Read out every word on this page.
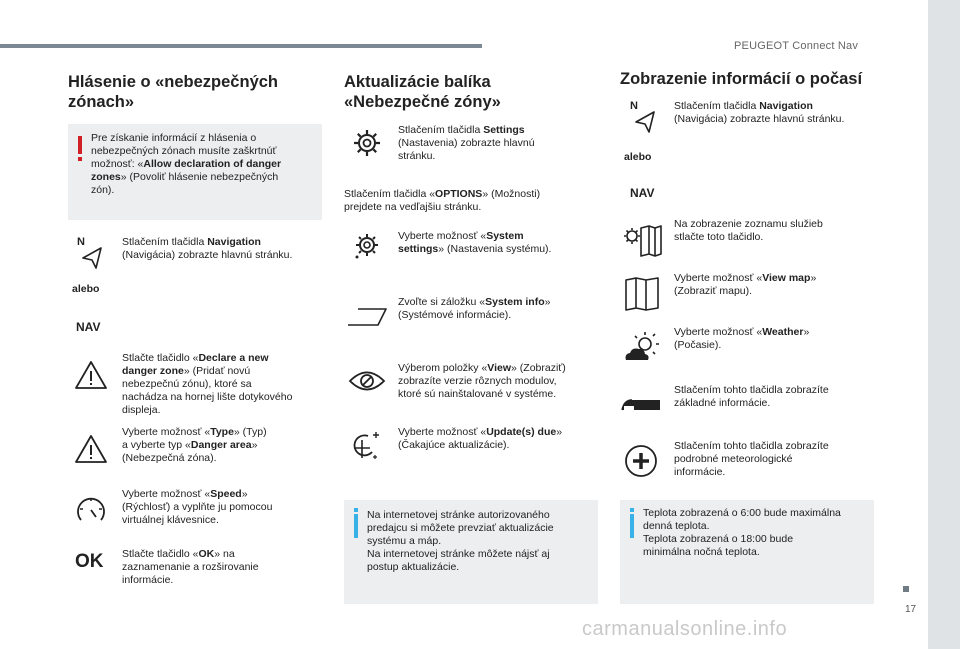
PEUGEOT Connect Nav
17
carmanualsonline.info
Hlásenie o «nebezpečných
zónach»
Pre získanie informácií z hlásenia o
nebezpečných zónach musíte zaškrtnúť
možnosť: «Allow declaration of danger
zones» (Povoliť hlásenie nebezpečných
zón).
N	Stlačením tlačidla Navigation
(Navigácia) zobrazte hlavnú stránku.
alebo
NAV
Stlačte tlačidlo «Declare a new
danger zone» (Pridať novú
nebezpečnú zónu), ktoré sa
nachádza na hornej lište dotykového
displeja.
Vyberte možnosť «Type» (Typ)
a vyberte typ «Danger area»
(Nebezpečná zóna).
Vyberte možnosť «Speed»
(Rýchlosť) a vyplňte ju pomocou
virtuálnej klávesnice.
OK Stlačte tlačidlo «OK» na
zaznamenanie a rozširovanie
informácie.
Aktualizácie balíka
«Nebezpečné zóny»
Stlačením tlačidla Settings
(Nastavenia) zobrazte hlavnú
stránku.
Stlačením tlačidla «OPTIONS» (Možnosti)
prejdete na vedľajšiu stránku.
Vyberte možnosť «System
settings» (Nastavenia systému).
Zvoľte si záložku «System info»
(Systémové informácie).
Výberom položky «View» (Zobraziť)
zobrazíte verzie rôznych modulov,
ktoré sú nainštalované v systéme.
Vyberte možnosť «Update(s) due»
(Čakajúce aktualizácie).
Na internetovej stránke autorizovaného
predajcu si môžete prevziať aktualizácie
systému a máp.
Na internetovej stránke môžete nájsť aj
postup aktualizácie.
Zobrazenie informácií o počasí
N	Stlačením tlačidla Navigation
(Navigácia) zobrazte hlavnú stránku.
alebo
NAV
Na zobrazenie zoznamu služieb
stlačte toto tlačidlo.
Vyberte možnosť «View map»
(Zobraziť mapu).
Vyberte možnosť «Weather»
(Počasie).
Stlačením tohto tlačidla zobrazíte
základné informácie.
Stlačením tohto tlačidla zobrazíte
podrobné meteorologické
informácie.
Teplota zobrazená o 6:00 bude maximálna
denná teplota.
Teplota zobrazená o 18:00 bude
minimálna nočná teplota.
